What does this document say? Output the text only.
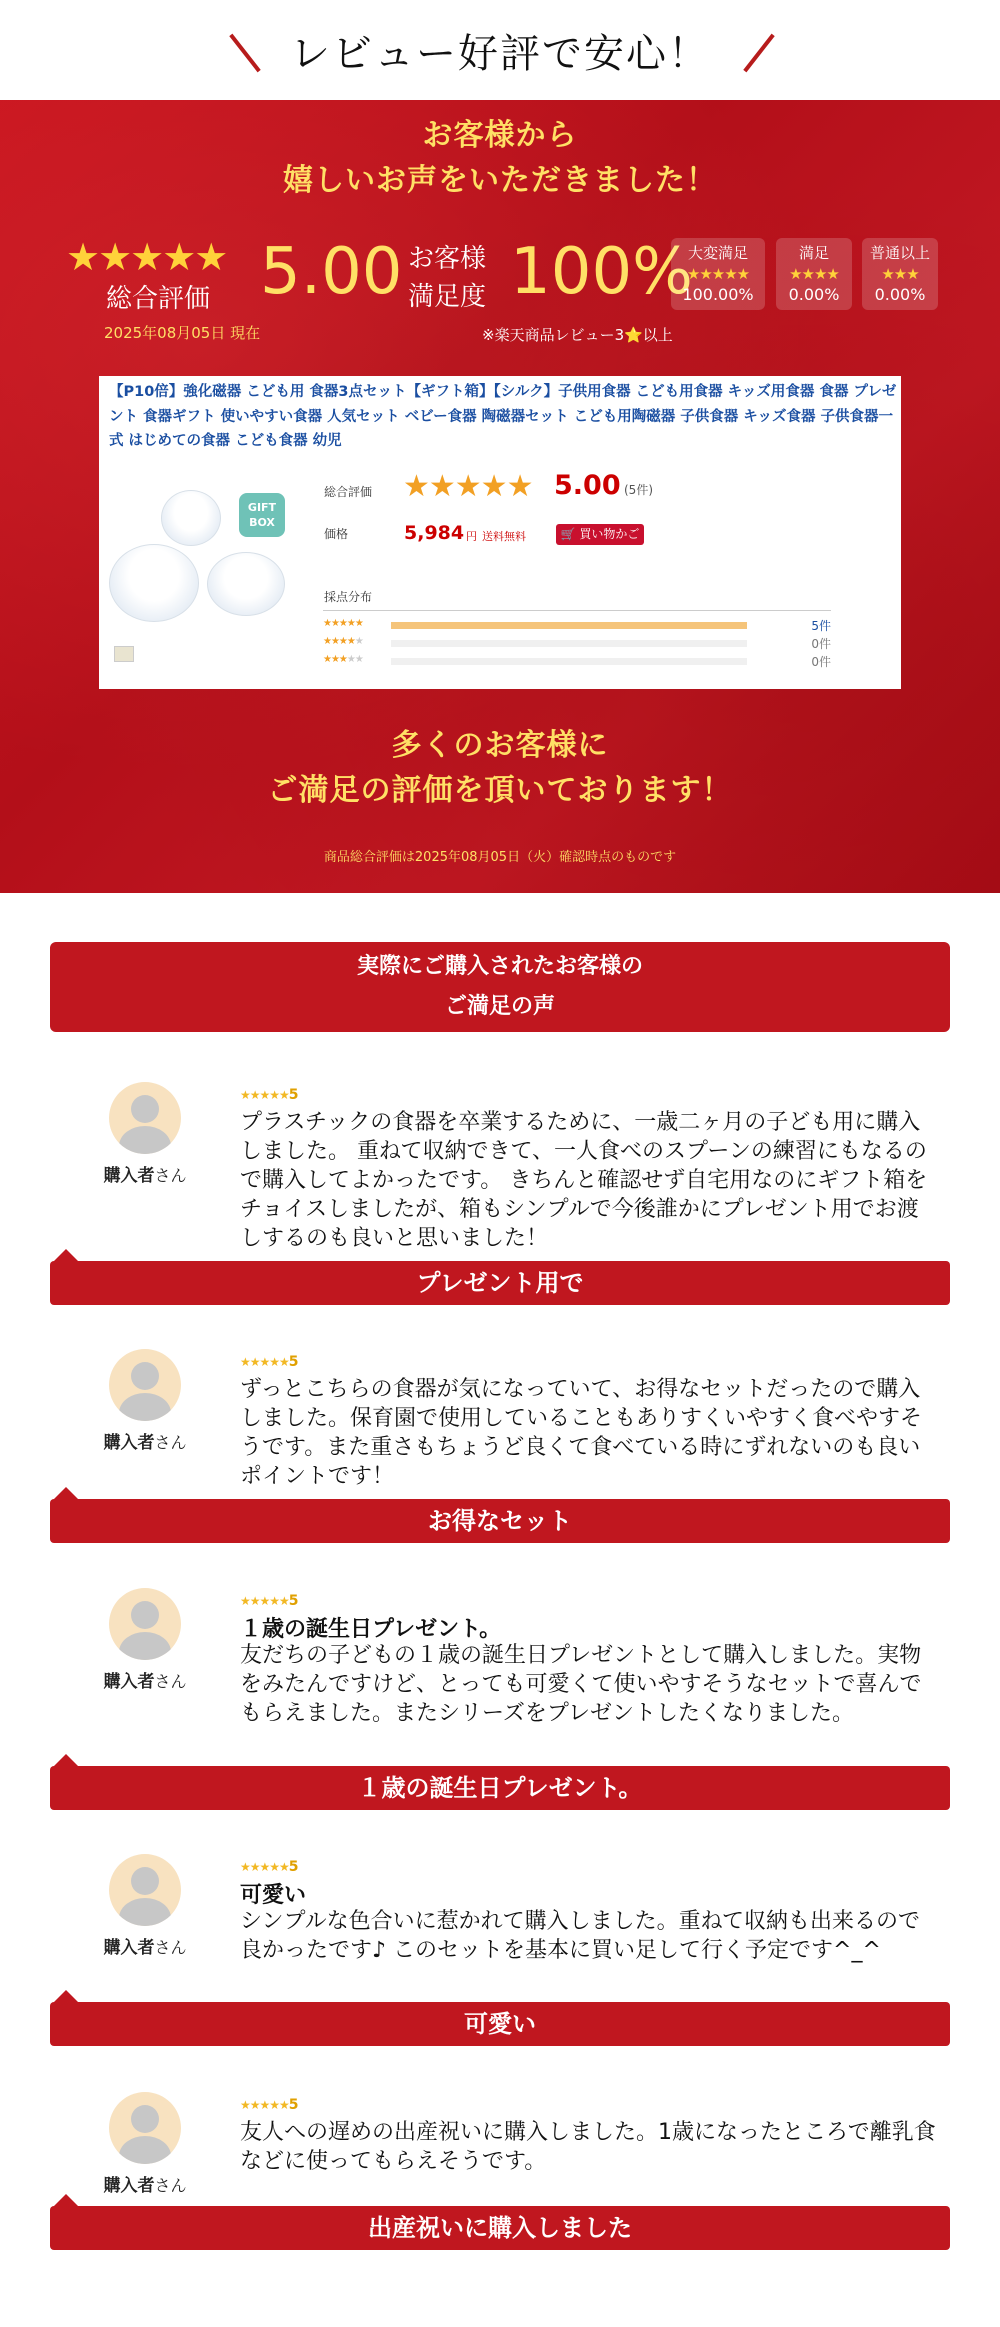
レビュー好評で安心！
お客様から
嬉しいお声をいただきました！
★★★★★
総合評価 5.00 お客様
満足度 100%
2025年08月05日 現在	※楽天商品レビュー3⭐️以上
大変満足
★★★★★
100.00%
満足
★★★★
0.00%
普通以上
★★★
0.00%
【P10倍】強化磁器 こども用 食器3点セット【ギフト箱】【シルク】子供用食器 こども用食器 キッズ用食器 食器 プレゼント 食器ギフト 使いやすい食器 人気セット ベビー食器 陶磁器セット こども用陶磁器 子供食器 キッズ食器 子供食器一式 はじめての食器 こども食器 幼児
GIFT BOX
総合評価 ★★★★★ 5.00 (5件)
価格	5,984 円 送料無料	🛒 買い物かご
採点分布
★★★★★	5件
★★★★★	0件
★★★★★	0件
多くのお客様に
ご満足の評価を頂いております！
商品総合評価は2025年08月05日（火）確認時点のものです
実際にご購入されたお客様の
ご満足の声
購入者さん
★★★★★5
プラスチックの食器を卒業するために、一歳二ヶ月の子ども用に購入しました。 重ねて収納できて、一人食べのスプーンの練習にもなるので購入してよかったです。 きちんと確認せず自宅用なのにギフト箱をチョイスしましたが、箱もシンプルで今後誰かにプレゼント用でお渡しするのも良いと思いました！
プレゼント用で
購入者さん
★★★★★5
ずっとこちらの食器が気になっていて、お得なセットだったので購入しました。保育園で使用していることもありすくいやすく食べやすそうです。また重さもちょうど良くて食べている時にずれないのも良いポイントです！
お得なセット
購入者さん
★★★★★5
１歳の誕生日プレゼント。
友だちの子どもの１歳の誕生日プレゼントとして購入しました。実物をみたんですけど、とっても可愛くて使いやすそうなセットで喜んでもらえました。またシリーズをプレゼントしたくなりました。
１歳の誕生日プレゼント。
購入者さん
★★★★★5
可愛い
シンプルな色合いに惹かれて購入しました。重ねて収納も出来るので良かったです♪ このセットを基本に買い足して行く予定です^_^
可愛い
購入者さん
★★★★★5
友人への遅めの出産祝いに購入しました。1歳になったところで離乳食などに使ってもらえそうです。
出産祝いに購入しました
